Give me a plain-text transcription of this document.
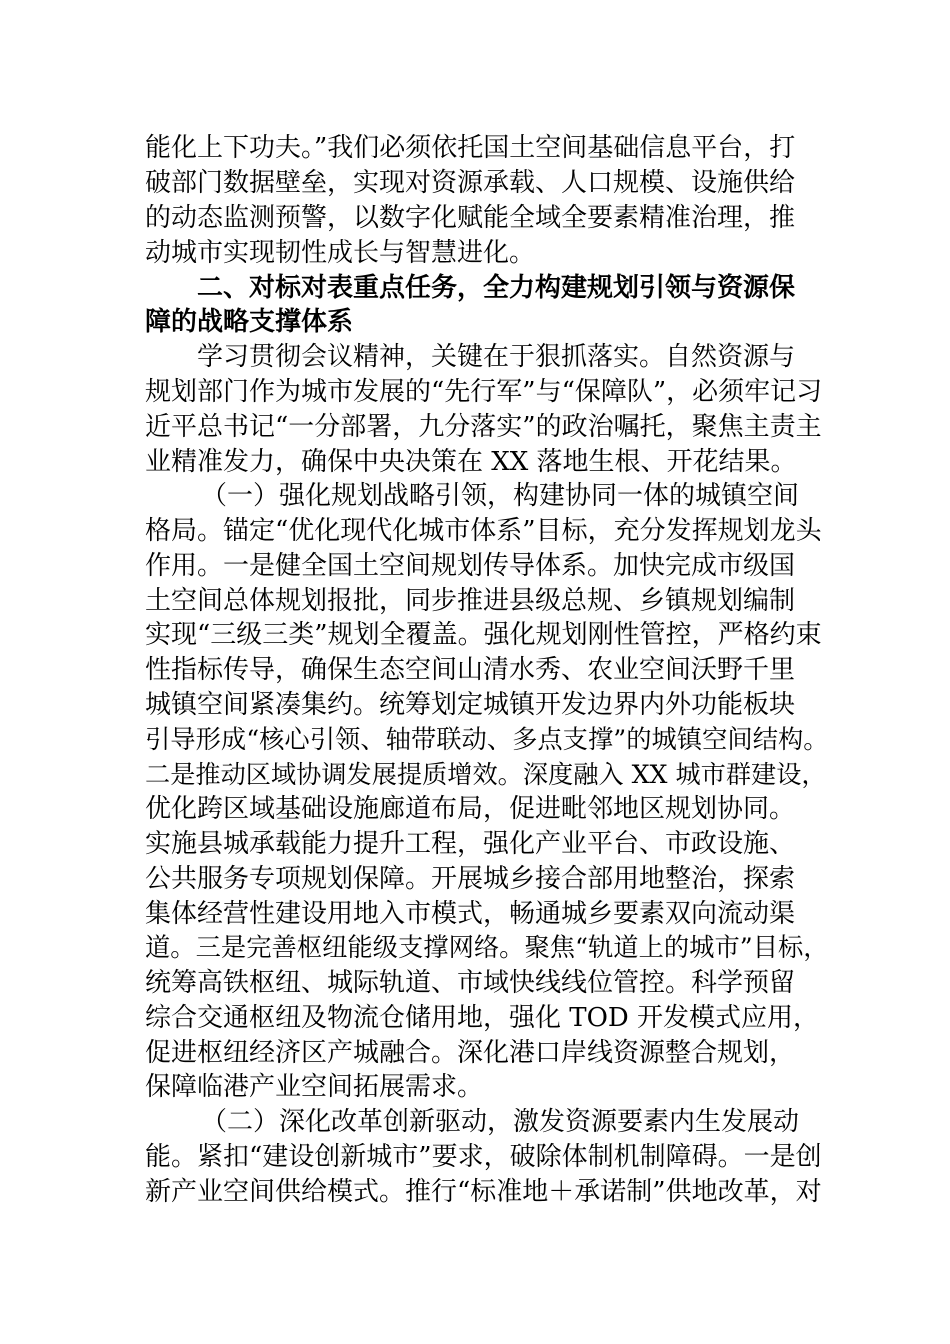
能化上下功夫。”我们必须依托国土空间基础信息平台，打
破部门数据壁垒，实现对资源承载、人口规模、设施供给
的动态监测预警，以数字化赋能全域全要素精准治理，推
动城市实现韧性成长与智慧进化。
二、对标对表重点任务，全力构建规划引领与资源保
障的战略支撑体系
学习贯彻会议精神，关键在于狠抓落实。自然资源与
规划部门作为城市发展的“先行军”与“保障队”，必须牢记习
近平总书记“一分部署，九分落实”的政治嘱托，聚焦主责主
业精准发力，确保中央决策在 XX 落地生根、开花结果。
（一）强化规划战略引领，构建协同一体的城镇空间
格局。锚定“优化现代化城市体系”目标，充分发挥规划龙头
作用。一是健全国土空间规划传导体系。加快完成市级国
土空间总体规划报批，同步推进县级总规、乡镇规划编制
实现“三级三类”规划全覆盖。强化规划刚性管控，严格约束
性指标传导，确保生态空间山清水秀、农业空间沃野千里
城镇空间紧凑集约。统筹划定城镇开发边界内外功能板块
引导形成“核心引领、轴带联动、多点支撑”的城镇空间结构。
二是推动区域协调发展提质增效。深度融入 XX 城市群建设，
优化跨区域基础设施廊道布局，促进毗邻地区规划协同。
实施县城承载能力提升工程，强化产业平台、市政设施、
公共服务专项规划保障。开展城乡接合部用地整治，探索
集体经营性建设用地入市模式，畅通城乡要素双向流动渠
道。三是完善枢纽能级支撑网络。聚焦“轨道上的城市”目标，
统筹高铁枢纽、城际轨道、市域快线线位管控。科学预留
综合交通枢纽及物流仓储用地，强化 TOD 开发模式应用，
促进枢纽经济区产城融合。深化港口岸线资源整合规划，
保障临港产业空间拓展需求。
（二）深化改革创新驱动，激发资源要素内生发展动
能。紧扣“建设创新城市”要求，破除体制机制障碍。一是创
新产业空间供给模式。推行“标准地＋承诺制”供地改革，对
